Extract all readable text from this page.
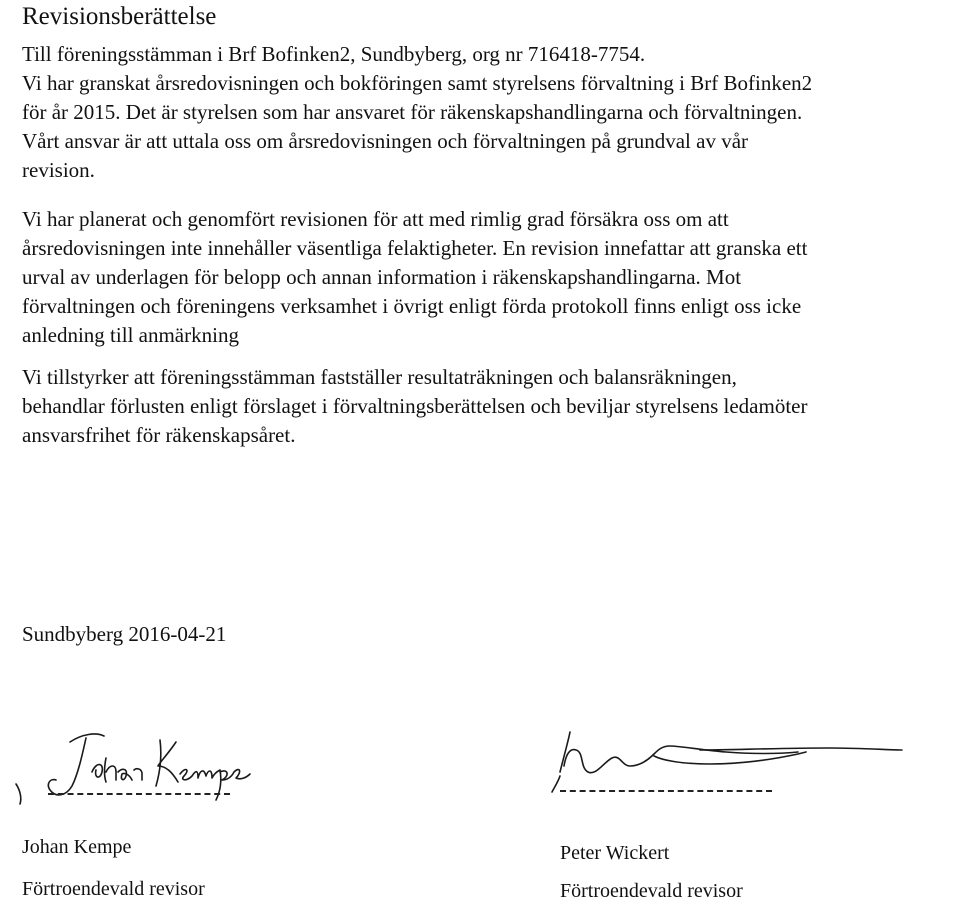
Revisionsberättelse

Till föreningsstämman i Brf Bofinken2, Sundbyberg, org nr 716418-7754.
Vi har granskat årsredovisningen och bokföringen samt styrelsens förvaltning i Brf Bofinken2
för år 2015. Det är styrelsen som har ansvaret för räkenskapshandlingarna och förvaltningen.
Vårt ansvar är att uttala oss om årsredovisningen och förvaltningen på grundval av vår
revision.

Vi har planerat och genomfört revisionen för att med rimlig grad försäkra oss om att
årsredovisningen inte innehåller väsentliga felaktigheter. En revision innefattar att granska ett
urval av underlagen för belopp och annan information i räkenskapshandlingarna. Mot
förvaltningen och föreningens verksamhet i övrigt enligt förda protokoll finns enligt oss icke
anledning till anmärkning

Vi tillstyrker att föreningsstämman fastställer resultaträkningen och balansräkningen,
behandlar förlusten enligt förslaget i förvaltningsberättelsen och beviljar styrelsens ledamöter
ansvarsfrihet för räkenskapsåret.

Sundbyberg 2016-04-21
Johan Kempe
Förtroendevald revisor
Peter Wickert
Förtroendevald revisor
